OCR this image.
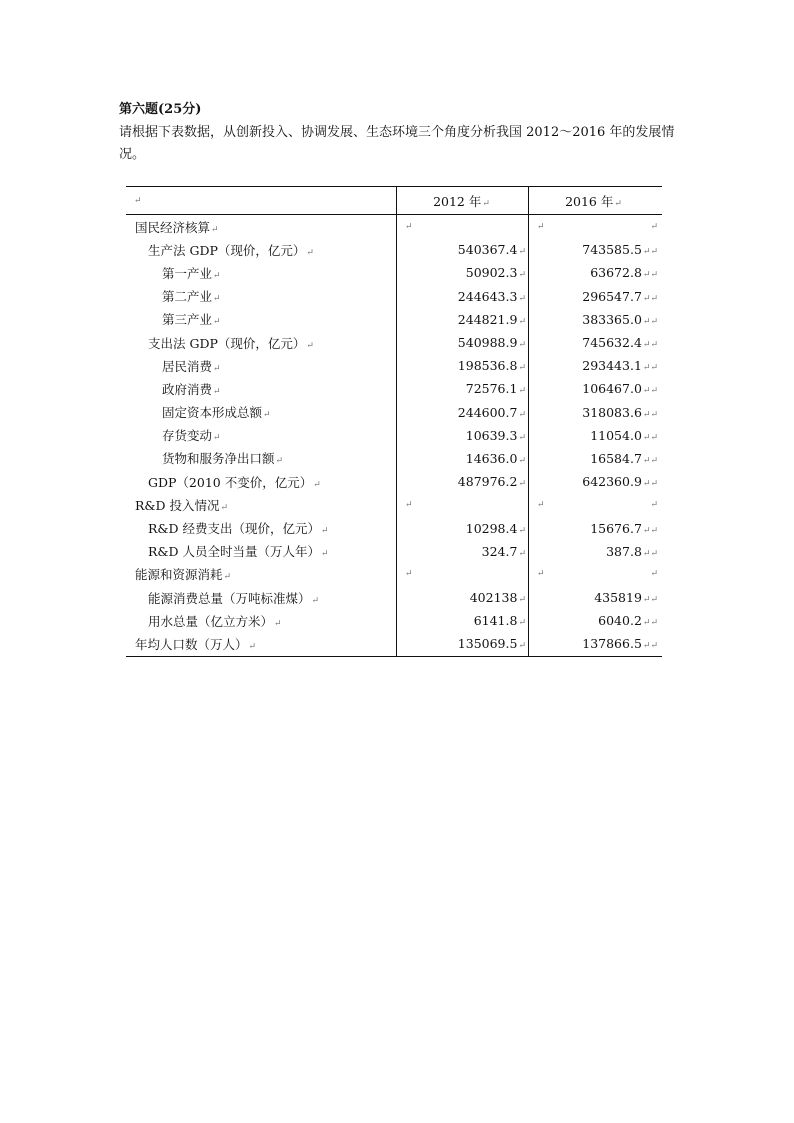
第六题(25分)
请根据下表数据，从创新投入、协调发展、生态环境三个角度分析我国 2012～2016 年的发展情况。
↵	2012 年↵	2016 年↵
国民经济核算↵	↵	↵ ↵

生产法 GDP（现价，亿元）↵	540367.4↵	743585.5↵↵
第一产业↵	50902.3↵	63672.8↵↵
第二产业↵	244643.3↵	296547.7↵↵
第三产业↵	244821.9↵	383365.0↵↵
支出法 GDP（现价，亿元）↵	540988.9↵	745632.4↵↵
居民消费↵	198536.8↵	293443.1↵↵
政府消费↵	72576.1↵	106467.0↵↵
固定资本形成总额↵	244600.7↵	318083.6↵↵
存货变动↵	10639.3↵	11054.0↵↵
货物和服务净出口额↵	14636.0↵	16584.7↵↵
GDP（2010 不变价，亿元）↵	487976.2↵	642360.9↵↵
R&D 投入情况↵	↵	↵ ↵

R&D 经费支出（现价，亿元）↵	10298.4↵	15676.7↵↵
R&D 人员全时当量（万人年）↵	324.7↵	387.8↵↵
能源和资源消耗↵	↵	↵ ↵

能源消费总量（万吨标准煤）↵	402138↵	435819↵↵
用水总量（亿立方米）↵	6141.8↵	6040.2↵↵
年均人口数（万人）↵	135069.5↵	137866.5↵↵
